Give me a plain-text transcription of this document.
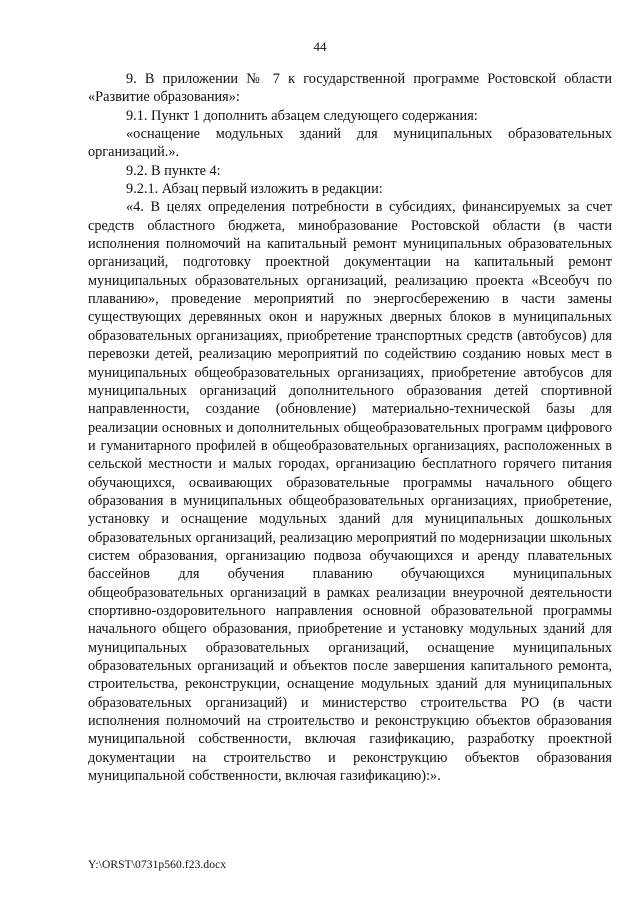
44

9. В приложении № 7 к государственной программе Ростовской области «Развитие образования»:

9.1. Пункт 1 дополнить абзацем следующего содержания:

«оснащение модульных зданий для муниципальных образовательных организаций.».

9.2. В пункте 4:

9.2.1. Абзац первый изложить в редакции:

«4. В целях определения потребности в субсидиях, финансируемых за счет средств областного бюджета, минобразование Ростовской области (в части исполнения полномочий на капитальный ремонт муниципальных образовательных организаций, подготовку проектной документации на капитальный ремонт муниципальных образовательных организаций, реализацию проекта «Всеобуч по плаванию», проведение мероприятий по энергосбережению в части замены существующих деревянных окон и наружных дверных блоков в муниципальных образовательных организациях, приобретение транспортных средств (автобусов) для перевозки детей, реализацию мероприятий по содействию созданию новых мест в муниципальных общеобразовательных организациях, приобретение автобусов для муниципальных организаций дополнительного образования детей спортивной направленности, создание (обновление) материально-технической базы для реализации основных и дополнительных общеобразовательных программ цифрового и гуманитарного профилей в общеобразовательных организациях, расположенных в сельской местности и малых городах, организацию бесплатного горячего питания обучающихся, осваивающих образовательные программы начального общего образования в муниципальных общеобразовательных организациях, приобретение, установку и оснащение модульных зданий для муниципальных дошкольных образовательных организаций, реализацию мероприятий по модернизации школьных систем образования, организацию подвоза обучающихся и аренду плавательных бассейнов для обучения плаванию обучающихся муниципальных общеобразовательных организаций в рамках реализации внеурочной деятельности спортивно-оздоровительного направления основной образовательной программы начального общего образования, приобретение и установку модульных зданий для муниципальных образовательных организаций, оснащение муниципальных образовательных организаций и объектов после завершения капитального ремонта, строительства, реконструкции, оснащение модульных зданий для муниципальных образовательных организаций) и министерство строительства РО (в части исполнения полномочий на строительство и реконструкцию объектов образования муниципальной собственности, включая газификацию, разработку проектной документации на строительство и реконструкцию объектов образования муниципальной собственности, включая газификацию):».

Y:\ORST\0731p560.f23.docx
